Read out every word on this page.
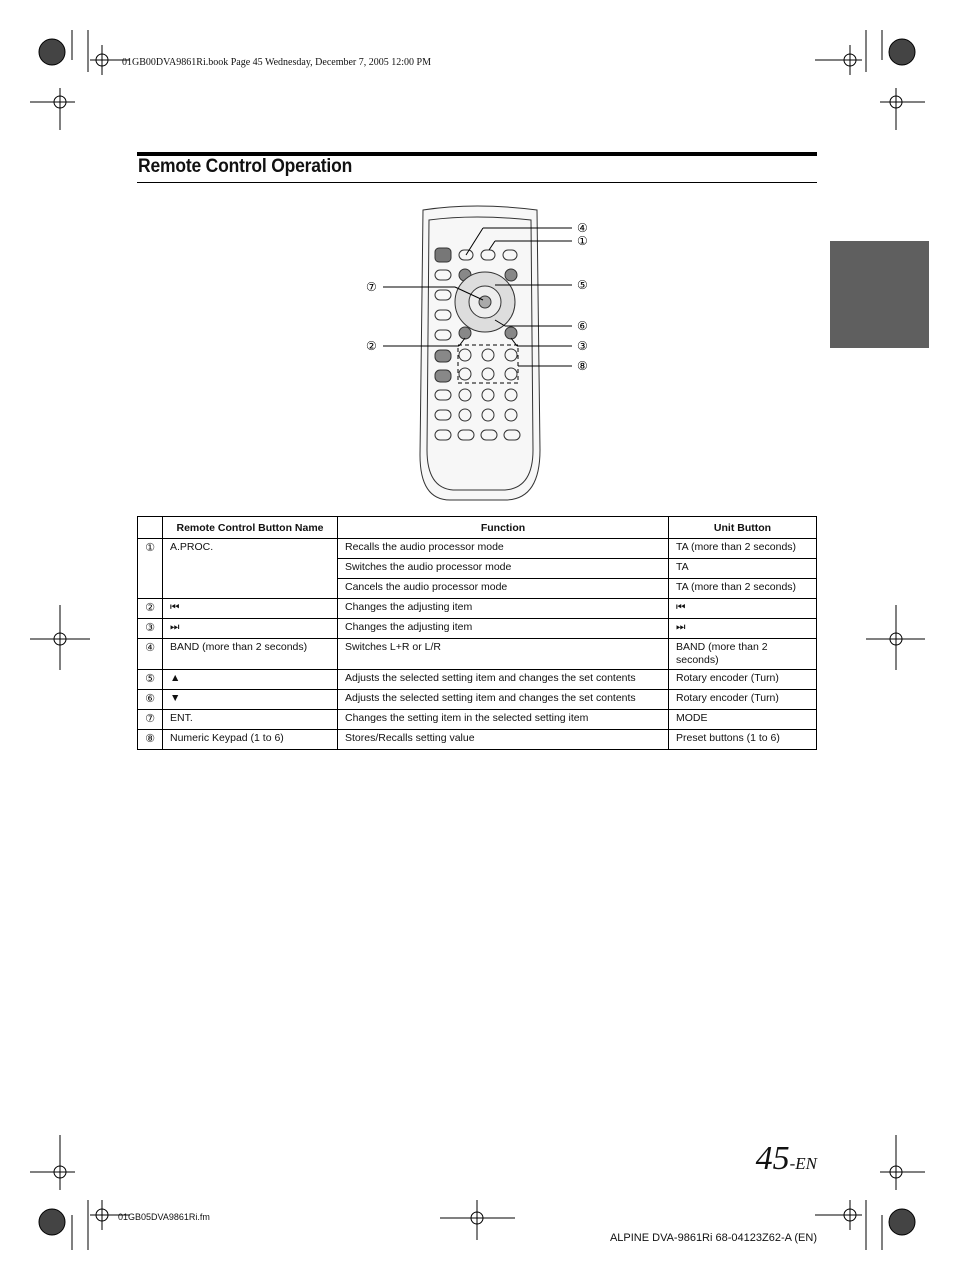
01GB00DVA9861Ri.book Page 45 Wednesday, December 7, 2005 12:00 PM
Remote Control Operation
④
①
⑦	⑤
⑥
②	③
⑧
	Remote Control Button Name	Function	Unit Button
①	A.PROC.	Recalls the audio processor mode	TA (more than 2 seconds)
		Switches the audio processor mode	TA
		Cancels the audio processor mode	TA (more than 2 seconds)
②	⏮	Changes the adjusting item	⏮
③	⏭	Changes the adjusting item	⏭
④	BAND (more than 2 seconds)	Switches L+R or L/R	BAND (more than 2 seconds)
⑤	▲	Adjusts the selected setting item and changes the set contents	Rotary encoder (Turn)
⑥	▼	Adjusts the selected setting item and changes the set contents	Rotary encoder (Turn)
⑦	ENT.	Changes the setting item in the selected setting item	MODE
⑧	Numeric Keypad (1 to 6)	Stores/Recalls setting value	Preset buttons (1 to 6)
45-EN
01GB05DVA9861Ri.fm
ALPINE DVA-9861Ri 68-04123Z62-A (EN)
